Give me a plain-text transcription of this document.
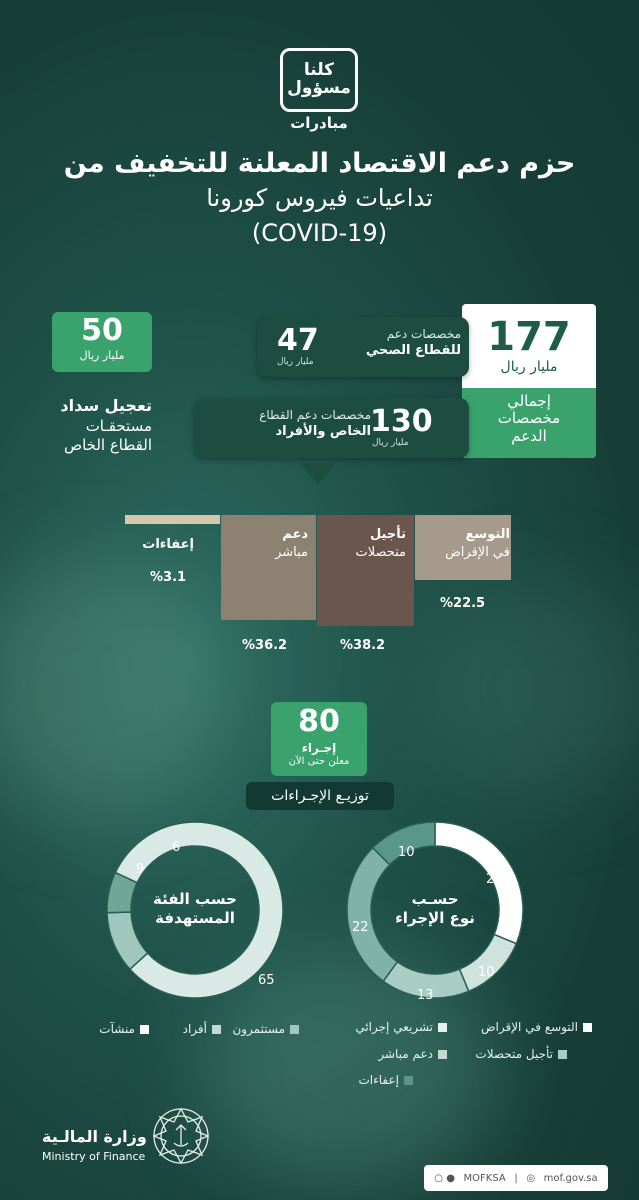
كلنا
مسؤول
مبادرات
حزم دعم الاقتصاد المعلنة للتخفيف من
تداعيات فيروس كورونا
(COVID-19)
177
مليار ريال
إجمالي
مخصصات
الدعم
47
مليار ريال
مخصصات دعم
للقطاع الصحي
130
مليار ريال
مخصصات دعم القطاع
الخاص والأفراد
50
مليار ريال
تعجيل سداد
مستحقـات
القطاع الخاص
التوسع
في الإقراض
تأجيل
متحصلات
دعم
مباشر
إعفاءات
%22.5
%38.2
%36.2
%3.1
80
إجـراء
معلن حتى الآن
توزيـع الإجـراءات
حسـب
نوع الإجراء
حسب الفئة
المستهدفة
25
10
13
22
10
65
9
6
التوسع في الإقراض
تشريعي إجرائي
تأجيل متحصلات
دعم مباشر
إعفاءات
مستثمرون
أفراد
منشآت
وزارة المالـية
Ministry of Finance
○ ● MOFKSA | ◎ mof.gov.sa
